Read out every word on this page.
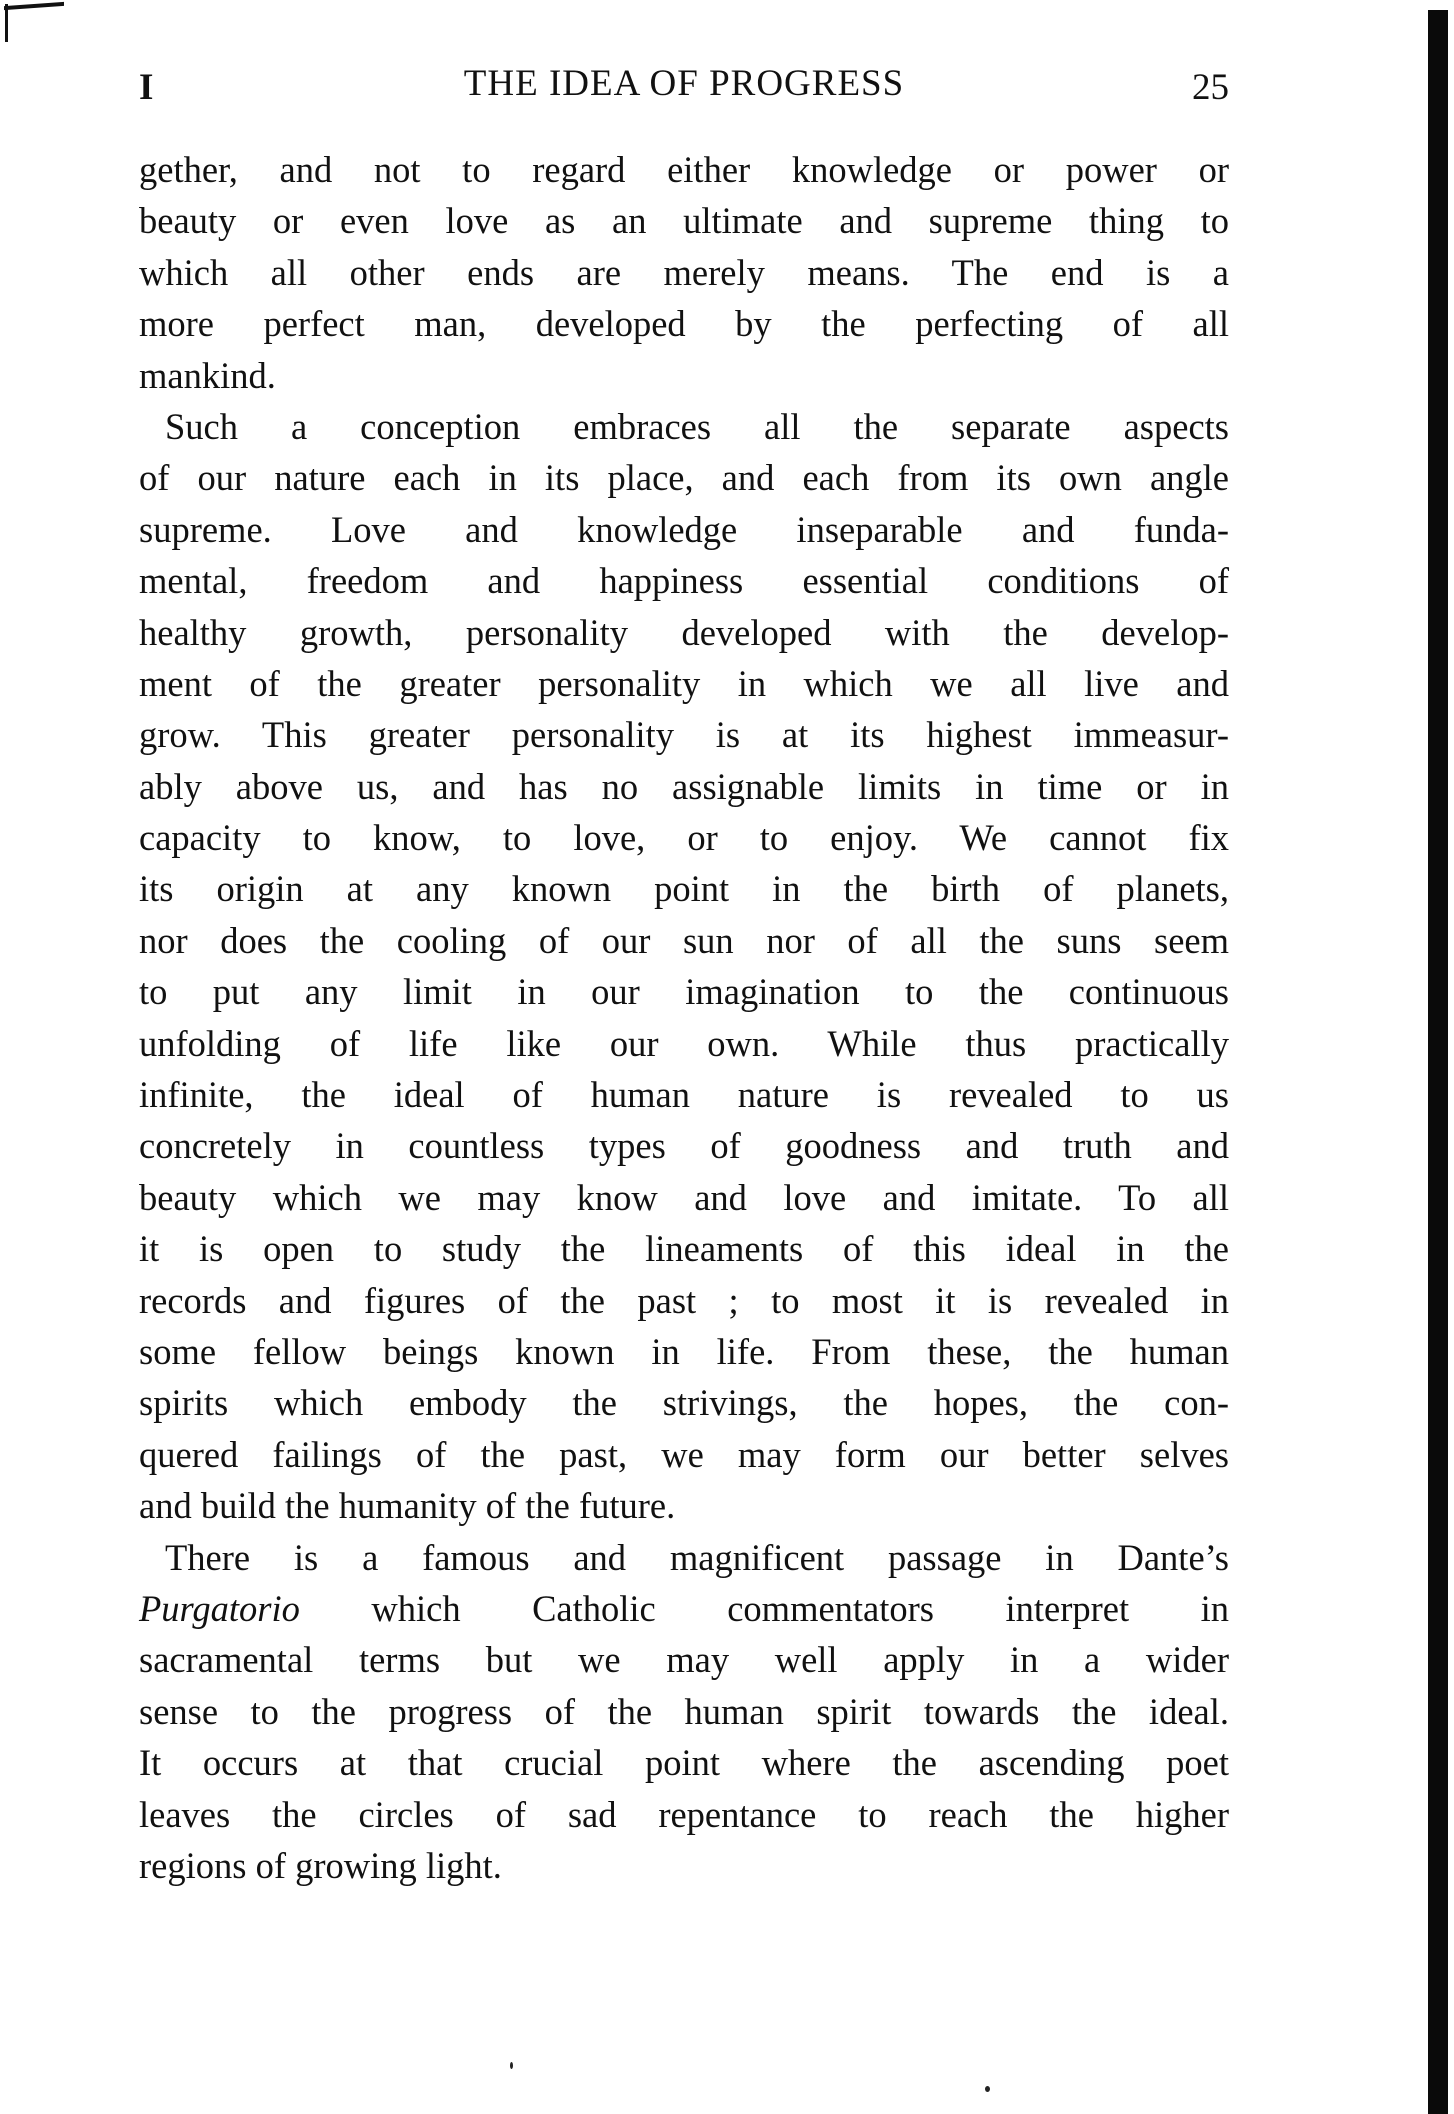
I	THE IDEA OF PROGRESS	25
gether, and not to regard either knowledge or power or
beauty or even love as an ultimate and supreme thing to
which all other ends are merely means. The end is a
more perfect man, developed by the perfecting of all
mankind.
Such a conception embraces all the separate aspects
of our nature each in its place, and each from its own angle
supreme. Love and knowledge inseparable and funda-
mental, freedom and happiness essential conditions of
healthy growth, personality developed with the develop-
ment of the greater personality in which we all live and
grow. This greater personality is at its highest immeasur-
ably above us, and has no assignable limits in time or in
capacity to know, to love, or to enjoy. We cannot fix
its origin at any known point in the birth of planets,
nor does the cooling of our sun nor of all the suns seem
to put any limit in our imagination to the continuous
unfolding of life like our own. While thus practically
infinite, the ideal of human nature is revealed to us
concretely in countless types of goodness and truth and
beauty which we may know and love and imitate. To all
it is open to study the lineaments of this ideal in the
records and figures of the past ; to most it is revealed in
some fellow beings known in life. From these, the human
spirits which embody the strivings, the hopes, the con-
quered failings of the past, we may form our better selves
and build the humanity of the future.
There is a famous and magnificent passage in Dante’s
Purgatorio which Catholic commentators interpret in
sacramental terms but we may well apply in a wider
sense to the progress of the human spirit towards the ideal.
It occurs at that crucial point where the ascending poet
leaves the circles of sad repentance to reach the higher
regions of growing light.
